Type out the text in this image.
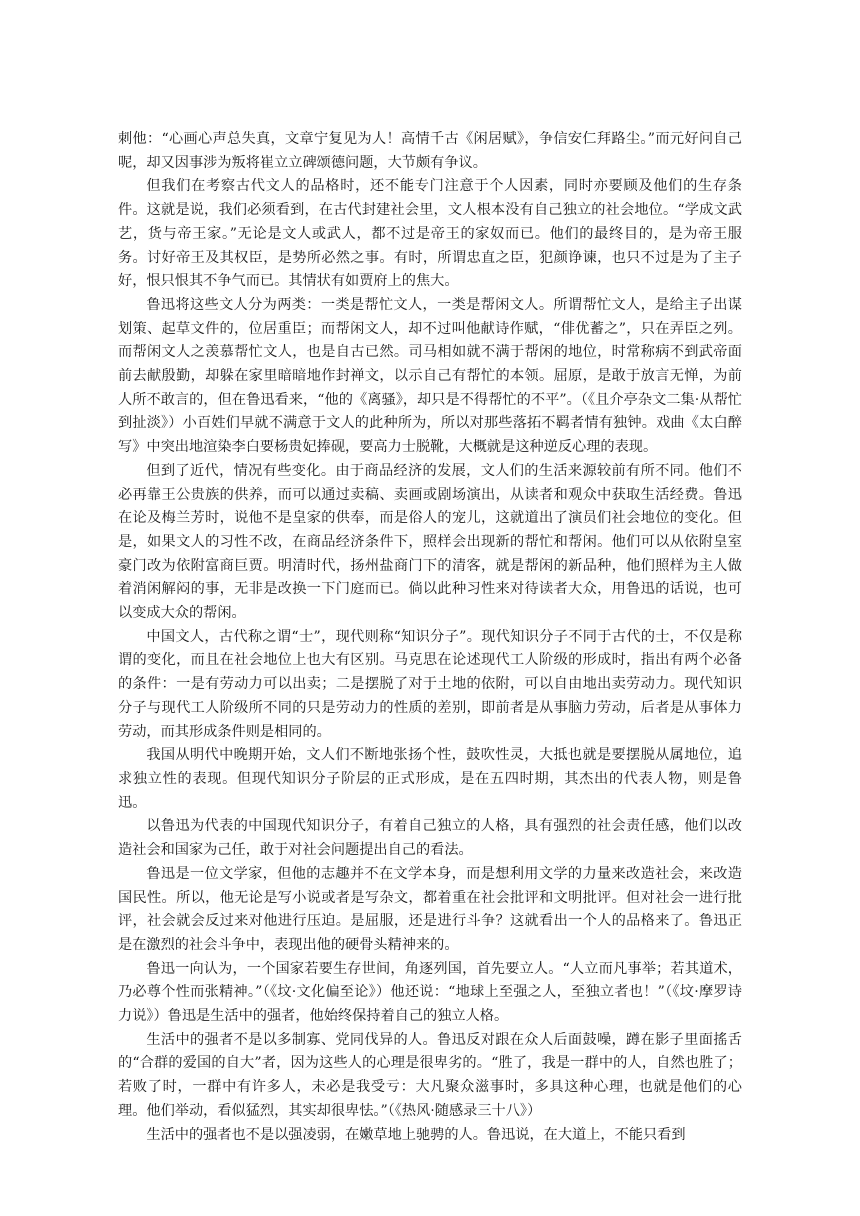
刺他：“心画心声总失真，文章宁复见为人！高情千古《闲居赋》，争信安仁拜路尘。”而元好问自己呢，却又因事涉为叛将崔立立碑颂德问题，大节颇有争议。

但我们在考察古代文人的品格时，还不能专门注意于个人因素，同时亦要顾及他们的生存条件。这就是说，我们必须看到，在古代封建社会里，文人根本没有自己独立的社会地位。“学成文武艺，货与帝王家。”无论是文人或武人，都不过是帝王的家奴而已。他们的最终目的，是为帝王服务。讨好帝王及其权臣，是势所必然之事。有时，所谓忠直之臣，犯颜诤谏，也只不过是为了主子好，恨只恨其不争气而已。其情状有如贾府上的焦大。

鲁迅将这些文人分为两类：一类是帮忙文人，一类是帮闲文人。所谓帮忙文人，是给主子出谋划策、起草文件的，位居重臣；而帮闲文人，却不过叫他献诗作赋，“俳优蓄之”，只在弄臣之列。而帮闲文人之羡慕帮忙文人，也是自古已然。司马相如就不满于帮闲的地位，时常称病不到武帝面前去献殷勤，却躲在家里暗暗地作封禅文，以示自己有帮忙的本领。屈原，是敢于放言无惮，为前人所不敢言的，但在鲁迅看来，“他的《离骚》，却只是不得帮忙的不平”。（《且介亭杂文二集·从帮忙到扯淡》）小百姓们早就不满意于文人的此种所为，所以对那些落拓不羁者情有独钟。戏曲《太白醉写》中突出地渲染李白要杨贵妃捧砚，要高力士脱靴，大概就是这种逆反心理的表现。

但到了近代，情况有些变化。由于商品经济的发展，文人们的生活来源较前有所不同。他们不必再靠王公贵族的供养，而可以通过卖稿、卖画或剧场演出，从读者和观众中获取生活经费。鲁迅在论及梅兰芳时，说他不是皇家的供奉，而是俗人的宠儿，这就道出了演员们社会地位的变化。但是，如果文人的习性不改，在商品经济条件下，照样会出现新的帮忙和帮闲。他们可以从依附皇室豪门改为依附富商巨贾。明清时代，扬州盐商门下的清客，就是帮闲的新品种，他们照样为主人做着消闲解闷的事，无非是改换一下门庭而已。倘以此种习性来对待读者大众，用鲁迅的话说，也可以变成大众的帮闲。

中国文人，古代称之谓“士”，现代则称“知识分子”。现代知识分子不同于古代的士，不仅是称谓的变化，而且在社会地位上也大有区别。马克思在论述现代工人阶级的形成时，指出有两个必备的条件：一是有劳动力可以出卖；二是摆脱了对于土地的依附，可以自由地出卖劳动力。现代知识分子与现代工人阶级所不同的只是劳动力的性质的差别，即前者是从事脑力劳动，后者是从事体力劳动，而其形成条件则是相同的。

我国从明代中晚期开始，文人们不断地张扬个性，鼓吹性灵，大抵也就是要摆脱从属地位，追求独立性的表现。但现代知识分子阶层的正式形成，是在五四时期，其杰出的代表人物，则是鲁迅。

以鲁迅为代表的中国现代知识分子，有着自己独立的人格，具有强烈的社会责任感，他们以改造社会和国家为己任，敢于对社会问题提出自己的看法。

鲁迅是一位文学家，但他的志趣并不在文学本身，而是想利用文学的力量来改造社会，来改造国民性。所以，他无论是写小说或者是写杂文，都着重在社会批评和文明批评。但对社会一进行批评，社会就会反过来对他进行压迫。是屈服，还是进行斗争？这就看出一个人的品格来了。鲁迅正是在激烈的社会斗争中，表现出他的硬骨头精神来的。

鲁迅一向认为，一个国家若要生存世间，角逐列国，首先要立人。“人立而凡事举；若其道术，乃必尊个性而张精神。”（《坟·文化偏至论》）他还说：“地球上至强之人，至独立者也！”（《坟·摩罗诗力说》）鲁迅是生活中的强者，他始终保持着自己的独立人格。

生活中的强者不是以多制寡、党同伐异的人。鲁迅反对跟在众人后面鼓噪，蹲在影子里面搖舌的“合群的爱国的自大”者，因为这些人的心理是很卑劣的。“胜了，我是一群中的人，自然也胜了；若败了时，一群中有许多人，未必是我受亏：大凡聚众滋事时，多具这种心理，也就是他们的心理。他们举动，看似猛烈，其实却很卑怯。”（《热风·随感录三十八》）

生活中的强者也不是以强凌弱，在嫩草地上驰骋的人。鲁迅说，在大道上，不能只看到
